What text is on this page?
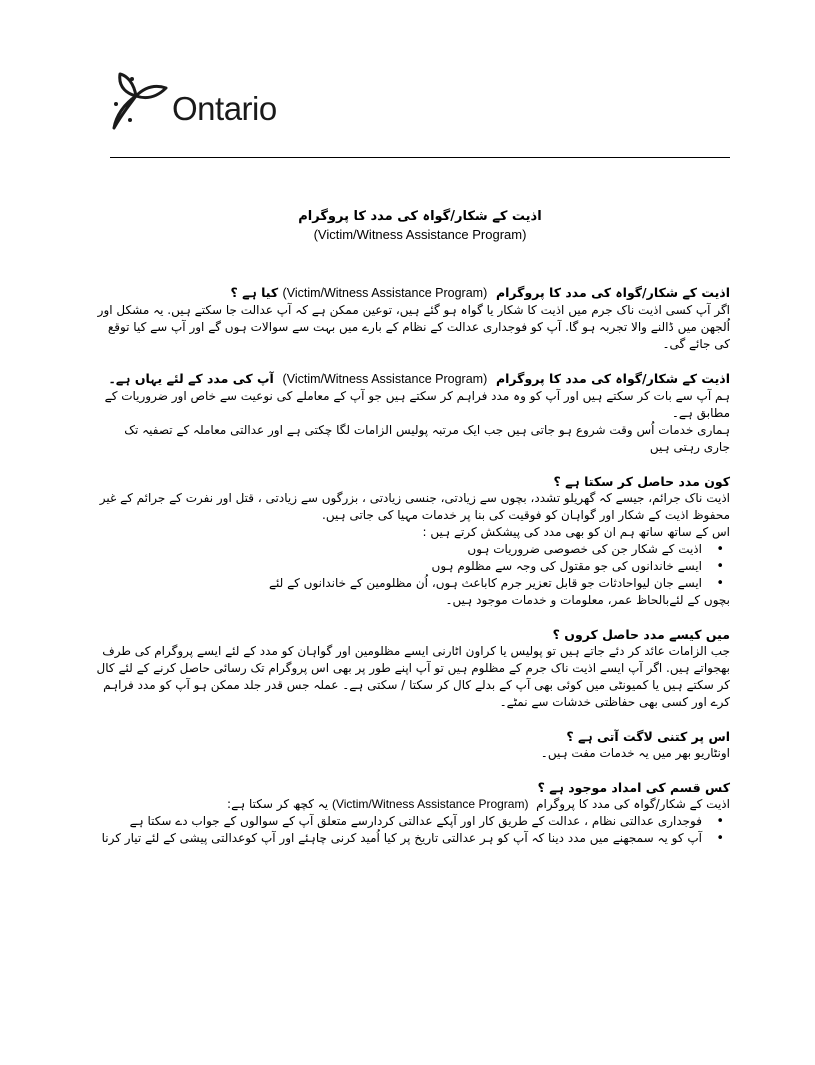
Ontario
اذیت کے شکار/گواہ کی مدد کا پروگرام
(Victim/Witness Assistance Program)

اذیت کے شکار/گواہ کی مدد کا پروگرام  (Victim/Witness Assistance Program) کیا ہے ؟

اگر آپ کسی اذیت ناک جرم میں اذیت کا شکار یا گواہ ہو گئے ہیں، توعین ممکن ہے کہ آپ عدالت جا سکتے ہیں. یہ مشکل اور اُلجھن میں ڈالنے والا تجربہ ہو گا. آپ کو فوجداری عدالت کے نظام کے بارے میں بہت سے سوالات ہوں گے اور آپ سے کیا توقع کی جائے گی۔

اذیت کے شکار/گواہ کی مدد کا پروگرام  (Victim/Witness Assistance Program)  آپ کی مدد کے لئے یہاں ہے۔

ہم آپ سے بات کر سکتے ہیں اور آپ کو وہ مدد فراہم کر سکتے ہیں جو آپ کے معاملے کی نوعیت سے خاص اور ضروریات کے مطابق ہے۔

ہماری خدمات اُس وقت شروع ہو جاتی ہیں جب ایک مرتبہ پولیس الزامات لگا چکتی ہے اور عدالتی معاملہ کے تصفیہ تک جاری رہتی ہیں

کون مدد حاصل کر سکتا ہے ؟

اذیت ناک جرائم، جیسے کہ گھریلو تشدد، بچوں سے زیادتی، جنسی زیادتی ، بزرگوں سے زیادتی ، قتل اور نفرت کے جرائم کے غیر محفوظ اذیت کے شکار اور گواہان کو فوقیت کی بنا پر خدمات مہیا کی جاتی ہیں.

اس کے ساتھ ساتھ ہم ان کو بھی مدد کی پیشکش کرتے ہیں :

• اذیت کے شکار جن کی خصوصی ضروریات ہوں
• ایسے خاندانوں کی جو مقتول کی وجہ سے مظلوم ہوں
• ایسے جان لیواحادثات جو قابل تعزیر جرم کاباعث ہوں، اُن مظلومین کے خاندانوں کے لئے

بچوں کے لئےبالحاظ عمر، معلومات و خدمات موجود ہیں۔

میں کیسے مدد حاصل کروں ؟

جب الزامات عائد کر دئے جاتے ہیں تو پولیس یا کراون اٹارنی ایسے مظلومین اور گواہان کو مدد کے لئے ایسے پروگرام کی طرف بھجواتے ہیں. اگر آپ ایسے اذیت ناک جرم کے مظلوم ہیں تو آپ اپنے طور پر بھی اس پروگرام تک رسائی حاصل کرنے کے لئے کال کر سکتے ہیں یا کمیونٹی میں کوئی بھی آپ کے بدلے کال کر سکتا / سکتی ہے۔ عملہ جس قدر جلد ممکن ہو آپ کو مدد فراہم کرے اور کسی بھی حفاظتی خدشات سے نمٹے۔

اس پر کتنی لاگت آتی ہے ؟

اونٹاریو بھر میں یہ خدمات مفت ہیں۔

کس قسم کی امداد موجود ہے ؟

اذیت کے شکار/گواہ کی مدد کا پروگرام  (Victim/Witness Assistance Program) یہ کچھ کر سکتا ہے:

• فوجداری عدالتی نظام ، عدالت کے طریق کار اور آپکے عدالتی کردارسے متعلق آپ کے سوالوں کے جواب دے سکتا ہے
• آپ کو یہ سمجھنے میں مدد دینا کہ آپ کو ہر عدالتی تاریخ پر کیا اُمید کرنی چاہئے اور آپ کوعدالتی پیشی کے لئے تیار کرنا
